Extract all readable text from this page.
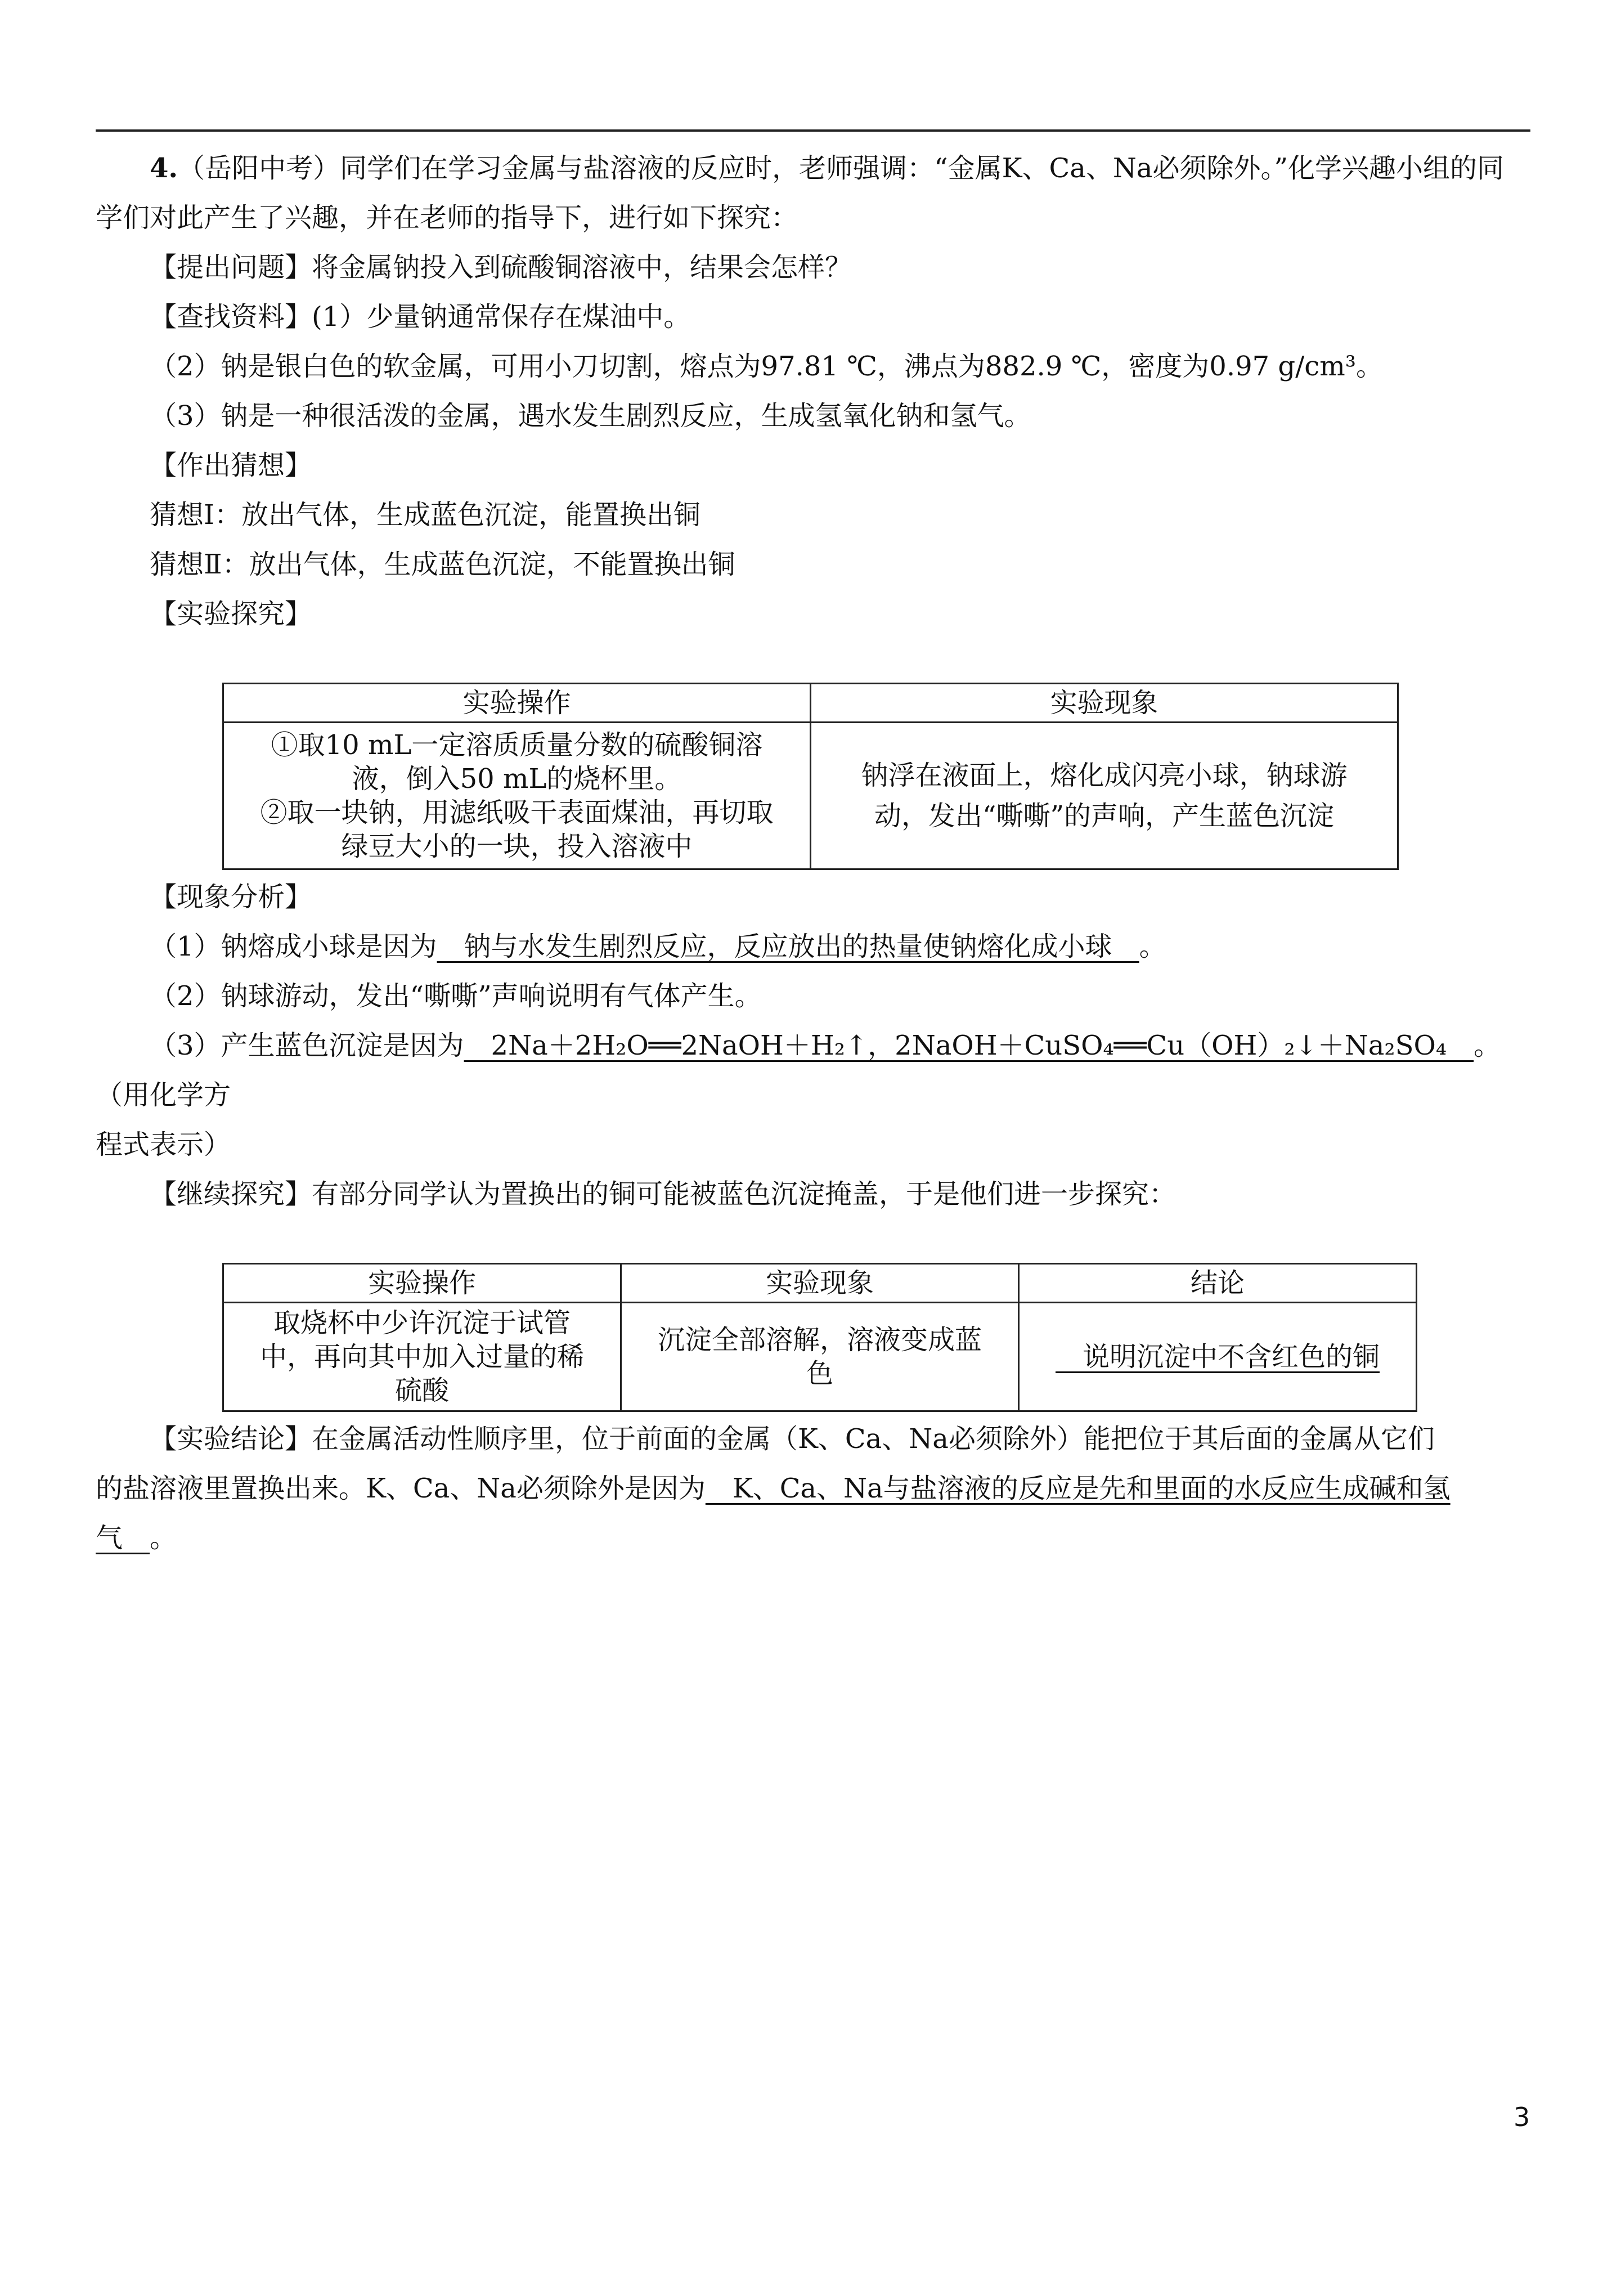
4.（岳阳中考）同学们在学习金属与盐溶液的反应时，老师强调：“金属K、Ca、Na必须除外。”化学兴趣小组的同学们对此产生了兴趣，并在老师的指导下，进行如下探究：

【提出问题】将金属钠投入到硫酸铜溶液中，结果会怎样？

【查找资料】(1）少量钠通常保存在煤油中。

（2）钠是银白色的软金属，可用小刀切割，熔点为97.81 ℃，沸点为882.9 ℃，密度为0.97 g/cm³。

（3）钠是一种很活泼的金属，遇水发生剧烈反应，生成氢氧化钠和氢气。

【作出猜想】

猜想Ⅰ：放出气体，生成蓝色沉淀，能置换出铜

猜想Ⅱ：放出气体，生成蓝色沉淀，不能置换出铜

【实验探究】

实验操作	实验现象

①取10 mL一定溶质质量分数的硫酸铜溶
液，倒入50 mL的烧杯里。
②取一块钠，用滤纸吸干表面煤油，再切取
绿豆大小的一块，投入溶液中	钠浮在液面上，熔化成闪亮小球，钠球游
动，发出“嘶嘶”的声响，产生蓝色沉淀

【现象分析】

（1）钠熔成小球是因为　钠与水发生剧烈反应，反应放出的热量使钠熔化成小球　。

（2）钠球游动，发出“嘶嘶”声响说明有气体产生。

（3）产生蓝色沉淀是因为　2Na＋2H₂O══2NaOH＋H₂↑，2NaOH＋CuSO₄══Cu（OH）₂↓＋Na₂SO₄　。（用化学方

程式表示）

【继续探究】有部分同学认为置换出的铜可能被蓝色沉淀掩盖，于是他们进一步探究：

实验操作	实验现象	结论

取烧杯中少许沉淀于试管
中，再向其中加入过量的稀
硫酸	沉淀全部溶解，溶液变成蓝
色	　说明沉淀中不含红色的铜

【实验结论】在金属活动性顺序里，位于前面的金属（K、Ca、Na必须除外）能把位于其后面的金属从它们

的盐溶液里置换出来。K、Ca、Na必须除外是因为　K、Ca、Na与盐溶液的反应是先和里面的水反应生成碱和氢

气　。

3
